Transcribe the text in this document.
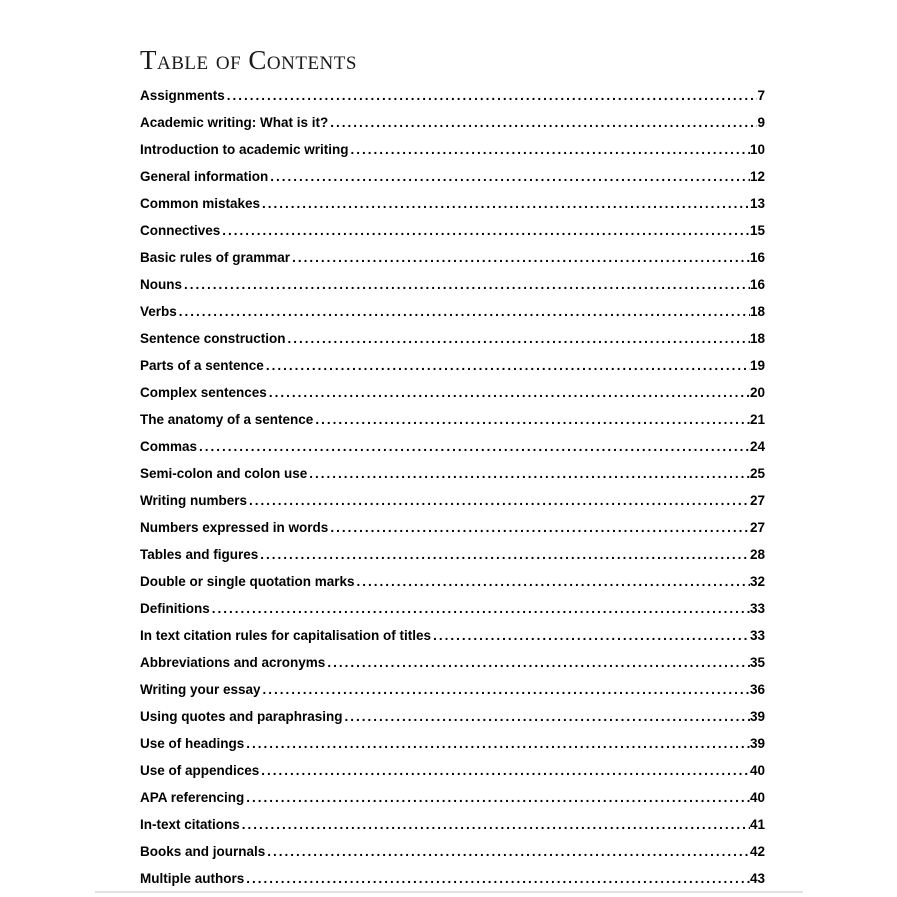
Table of Contents
Assignments .....	7
Academic writing: What is it? .....	9
Introduction to academic writing .....	10
General information .....	12
Common mistakes .....	13
Connectives .....	15
Basic rules of grammar .....	16
Nouns .....	16
Verbs .....	18
Sentence construction .....	18
Parts of a sentence .....	19
Complex sentences .....	20
The anatomy of a sentence .....	21
Commas .....	24
Semi-colon and colon use .....	25
Writing numbers .....	27
Numbers expressed in words .....	27
Tables and figures .....	28
Double or single quotation marks .....	32
Definitions .....	33
In text citation rules for capitalisation of titles .....	33
Abbreviations and acronyms .....	35
Writing your essay .....	36
Using quotes and paraphrasing .....	39
Use of headings .....	39
Use of appendices .....	40
APA referencing .....	40
In-text citations .....	41
Books and journals .....	42
Multiple authors .....	43
